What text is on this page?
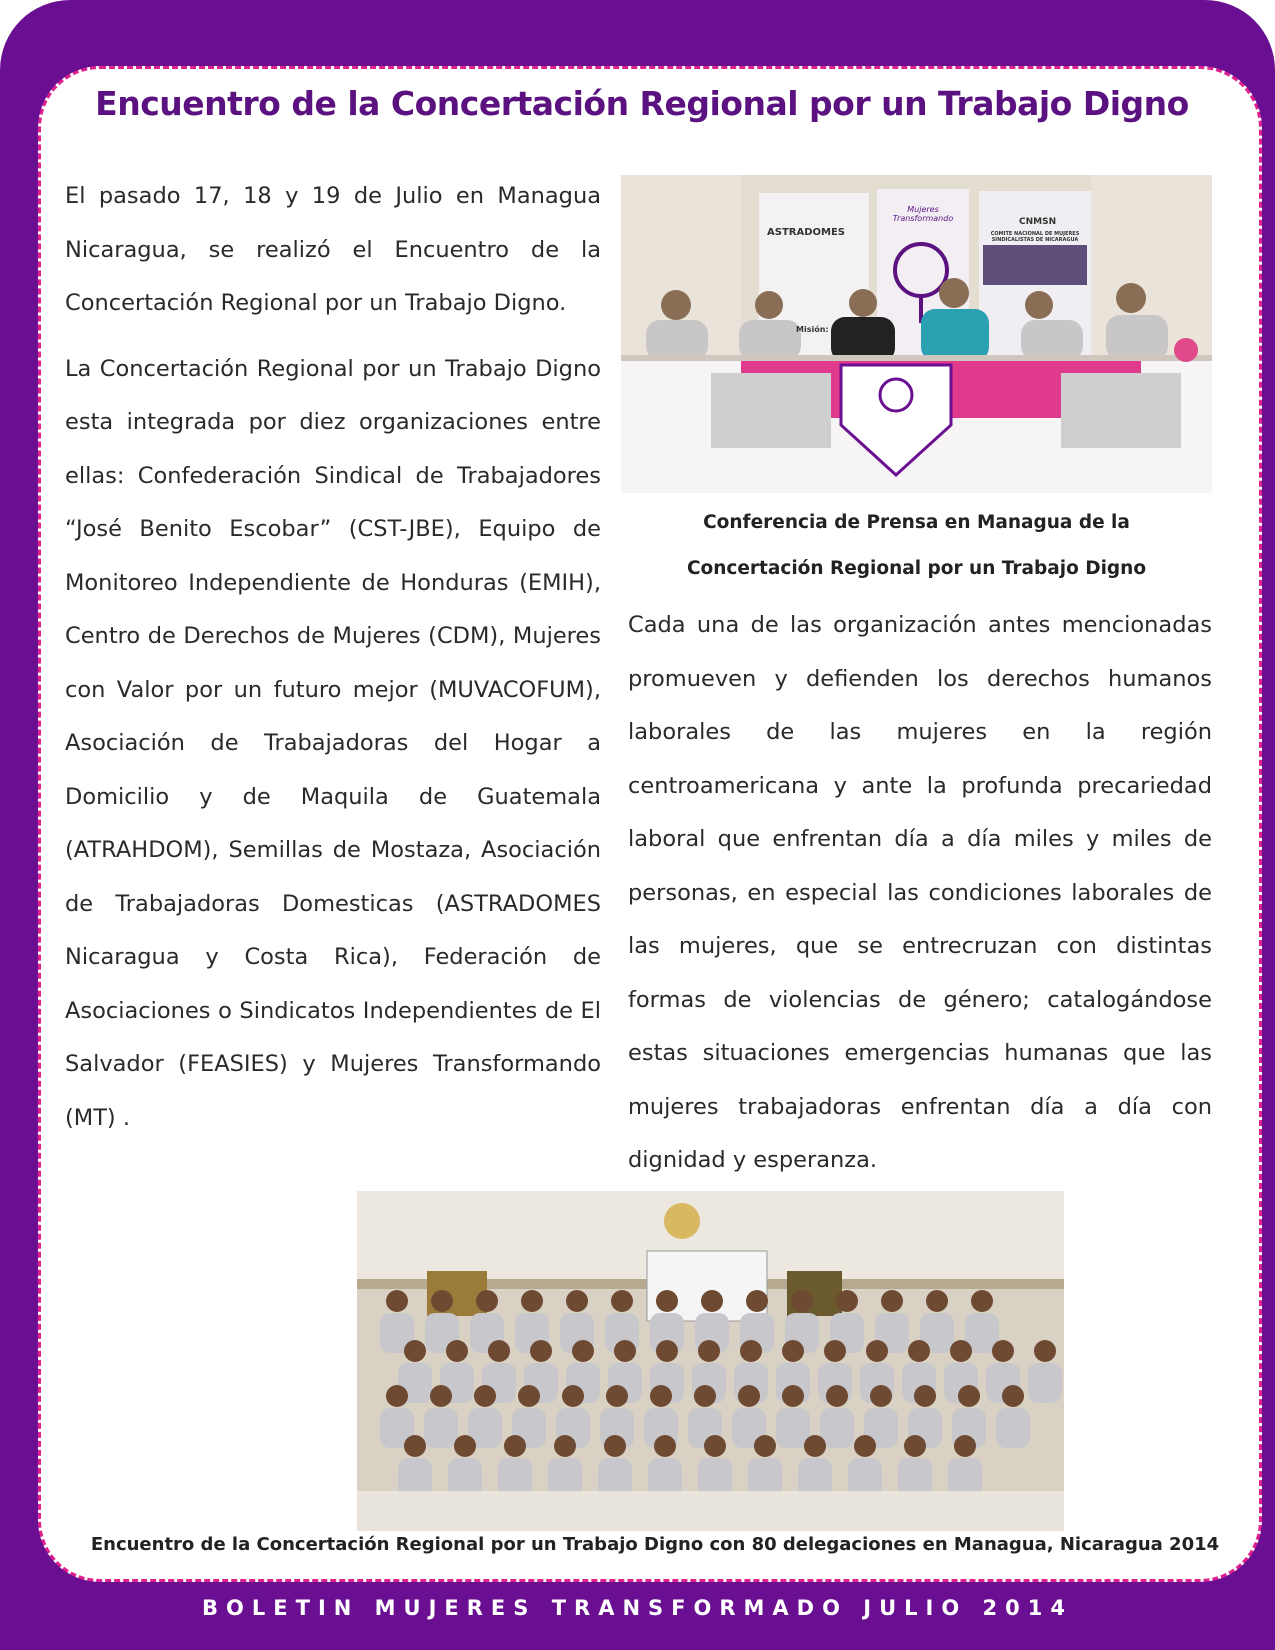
Encuentro de la Concertación Regional por un Trabajo Digno

El pasado 17, 18 y 19 de Julio en Managua Nicaragua, se realizó el Encuentro de la Concertación Regional por un Trabajo Digno.

La Concertación Regional por un Trabajo Digno esta integrada por diez organizaciones entre ellas: Confederación Sindical de Trabajadores “José Benito Escobar” (CST-JBE), Equipo de Monitoreo Independiente de Honduras (EMIH), Centro de Derechos de Mujeres (CDM), Mujeres con Valor por un futuro mejor (MUVACOFUM), Asociación de Trabajadoras del Hogar a Domicilio y de Maquila de Guatemala (ATRAHDOM), Semillas de Mostaza, Asociación de Trabajadoras Domesticas (ASTRADOMES Nicaragua y Costa Rica), Federación de Asociaciones o Sindicatos Independientes de El Salvador (FEASIES) y Mujeres Transformando (MT) .

ASTRADOMES
Misión:
Mujeres Transformando	CNMSN
COMITE NACIONAL DE MUJERES SINDICALISTAS DE NICARAGUA
Conferencia de Prensa en Managua de la
Concertación Regional por un Trabajo Digno

Cada una de las organización antes mencionadas promueven y defienden los derechos humanos laborales de las mujeres en la región centroamericana y ante la profunda precariedad laboral que enfrentan día a día miles y miles de personas, en especial las condiciones laborales de las mujeres, que se entrecruzan con distintas formas de violencias de género; catalogándose estas situaciones emergencias humanas que las mujeres trabajadoras enfrentan día a día con dignidad y esperanza.

Encuentro de la Concertación Regional por un Trabajo Digno con 80 delegaciones en Managua, Nicaragua 2014
BOLETIN MUJERES TRANSFORMADO JULIO 2014
